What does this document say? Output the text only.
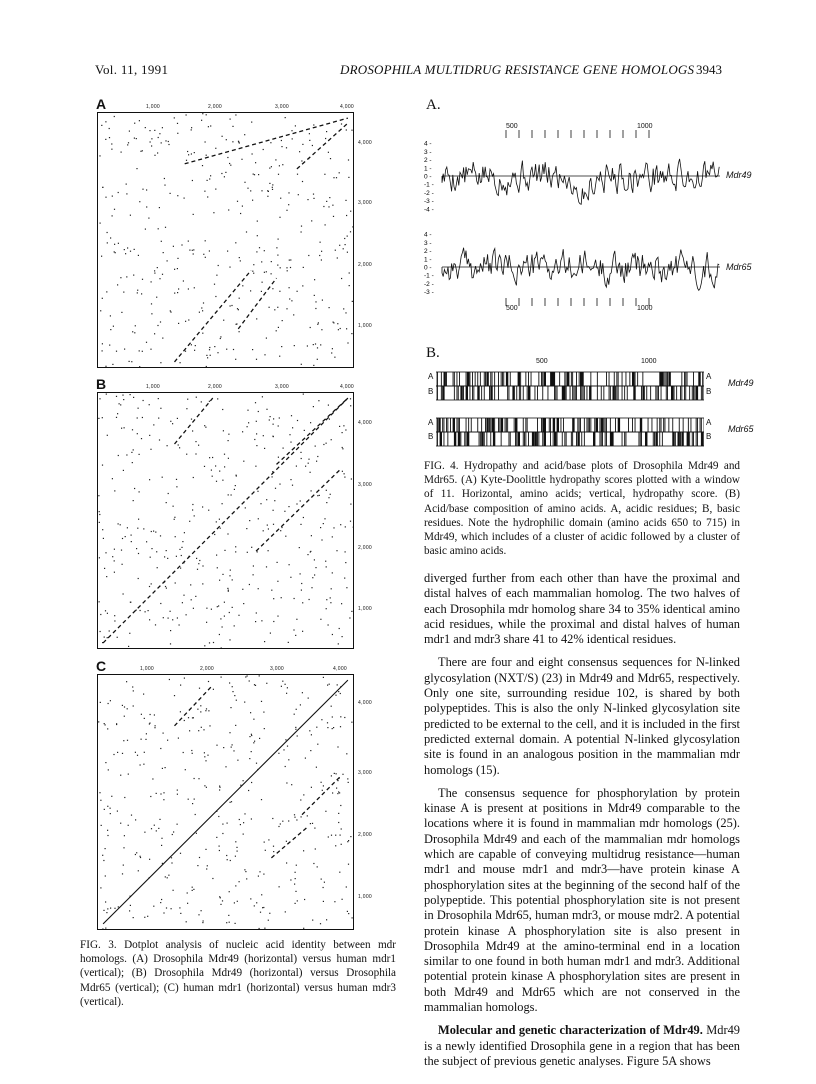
Vol. 11, 1991	DROSOPHILA MULTIDRUG RESISTANCE GENE HOMOLOGS 3943
A	1,000	2,000	3,000	4,000
4,000
3,000
2,000
1,000
B	1,000	2,000	3,000	4,000
4,000
3,000
2,000
1,000
C	1,000	2,000	3,000	4,000
4,000
3,000
2,000
1,000
FIG. 3. Dotplot analysis of nucleic acid identity between mdr homologs. (A) Drosophila Mdr49 (horizontal) versus human mdr1 (vertical); (B) Drosophila Mdr49 (horizontal) versus Drosophila Mdr65 (vertical); (C) human mdr1 (horizontal) versus human mdr3 (vertical).
A.
500	1000
4 -
3 -
2 -
1 -
0 -
-1 -
-2 -
-3 -
-4 -
4 -
3 -
2 -
1 -
0 -
-1 -
-2 -
-3 -
Mdr49
Mdr65
500	1000
B.
500	1000
A
B
A
B
Mdr49
A
B
A
B
Mdr65
FIG. 4. Hydropathy and acid/base plots of Drosophila Mdr49 and Mdr65. (A) Kyte-Doolittle hydropathy scores plotted with a window of 11. Horizontal, amino acids; vertical, hydropathy score. (B) Acid/base composition of amino acids. A, acidic residues; B, basic residues. Note the hydrophilic domain (amino acids 650 to 715) in Mdr49, which includes of a cluster of acidic followed by a cluster of basic amino acids.

diverged further from each other than have the proximal and distal halves of each mammalian homolog. The two halves of each Drosophila mdr homolog share 34 to 35% identical amino acid residues, while the proximal and distal halves of human mdr1 and mdr3 share 41 to 42% identical residues.

There are four and eight consensus sequences for N-linked glycosylation (NXT/S) (23) in Mdr49 and Mdr65, respectively. Only one site, surrounding residue 102, is shared by both polypeptides. This is also the only N-linked glycosylation site predicted to be external to the cell, and it is included in the first predicted external domain. A potential N-linked glycosylation site is found in an analogous position in the mammalian mdr homologs (15).

The consensus sequence for phosphorylation by protein kinase A is present at positions in Mdr49 comparable to the locations where it is found in mammalian mdr homologs (25). Drosophila Mdr49 and each of the mammalian mdr homologs which are capable of conveying multidrug resistance—human mdr1 and mouse mdr1 and mdr3—have protein kinase A phosphorylation sites at the beginning of the second half of the polypeptide. This potential phosphorylation site is not present in Drosophila Mdr65, human mdr3, or mouse mdr2. A potential protein kinase A phosphorylation site is also present in Drosophila Mdr49 at the amino-terminal end in a location similar to one found in both human mdr1 and mdr3. Additional potential protein kinase A phosphorylation sites are present in both Mdr49 and Mdr65 which are not conserved in the mammalian homologs.

Molecular and genetic characterization of Mdr49. Mdr49 is a newly identified Drosophila gene in a region that has been the subject of previous genetic analyses. Figure 5A shows
